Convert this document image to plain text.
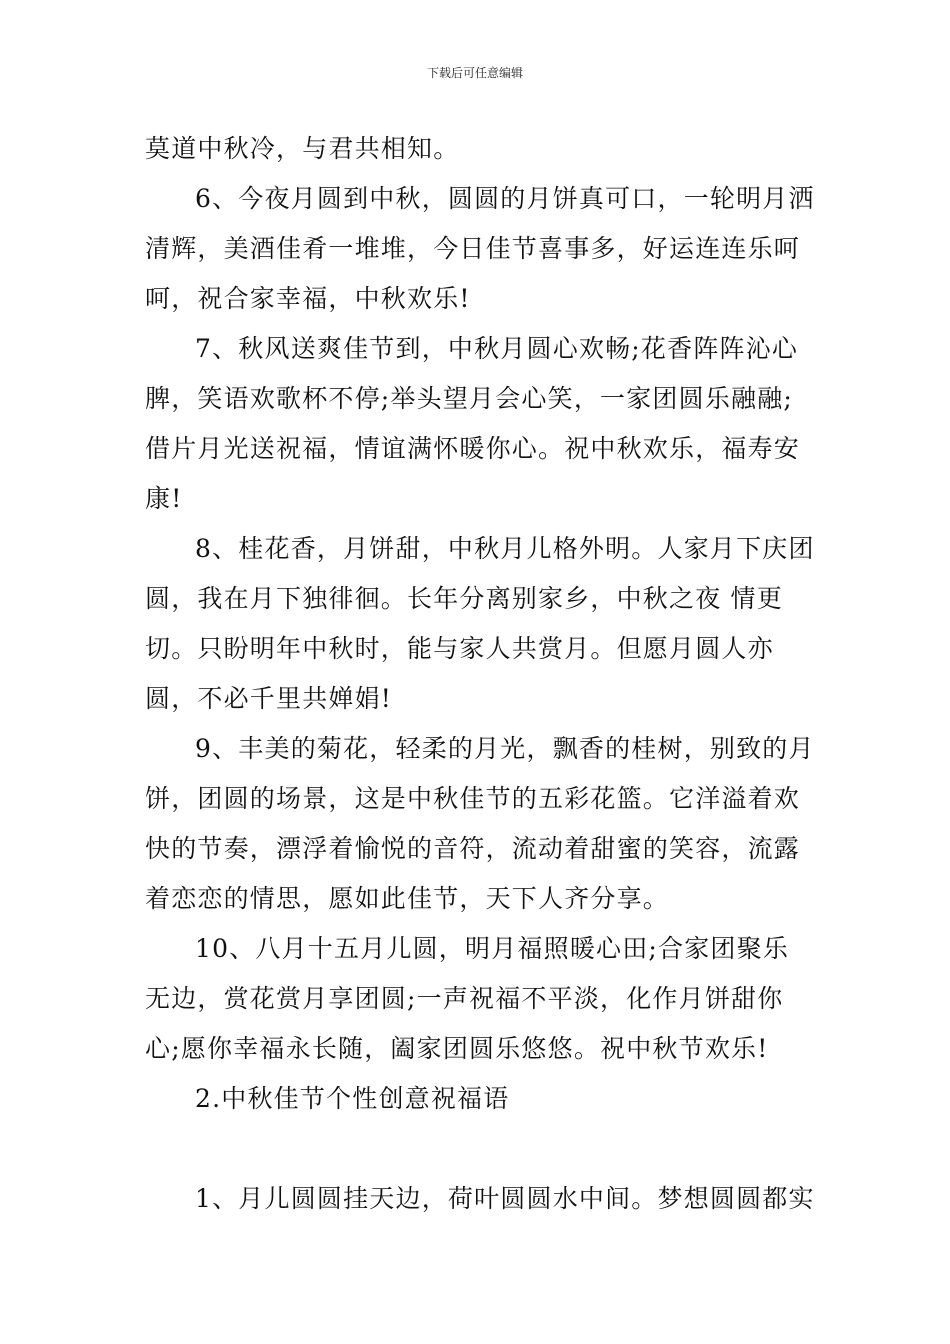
下载后可任意编辑

莫道中秋冷，与君共相知。

6、今夜月圆到中秋，圆圆的月饼真可口，一轮明月洒清辉，美酒佳肴一堆堆，今日佳节喜事多，好运连连乐呵呵，祝合家幸福，中秋欢乐!

7、秋风送爽佳节到，中秋月圆心欢畅;花香阵阵沁心脾，笑语欢歌杯不停;举头望月会心笑，一家团圆乐融融;借片月光送祝福，情谊满怀暖你心。祝中秋欢乐，福寿安康!

8、桂花香，月饼甜，中秋月儿格外明。人家月下庆团圆，我在月下独徘徊。长年分离别家乡，中秋之夜 情更切。只盼明年中秋时，能与家人共赏月。但愿月圆人亦圆，不必千里共婵娟!

9、丰美的菊花，轻柔的月光，飘香的桂树，别致的月饼，团圆的场景，这是中秋佳节的五彩花篮。它洋溢着欢快的节奏，漂浮着愉悦的音符，流动着甜蜜的笑容，流露着恋恋的情思，愿如此佳节，天下人齐分享。

10、八月十五月儿圆，明月福照暖心田;合家团聚乐无边，赏花赏月享团圆;一声祝福不平淡，化作月饼甜你心;愿你幸福永长随，阖家团圆乐悠悠。祝中秋节欢乐!

2.中秋佳节个性创意祝福语

1、月儿圆圆挂天边，荷叶圆圆水中间。梦想圆圆都实
